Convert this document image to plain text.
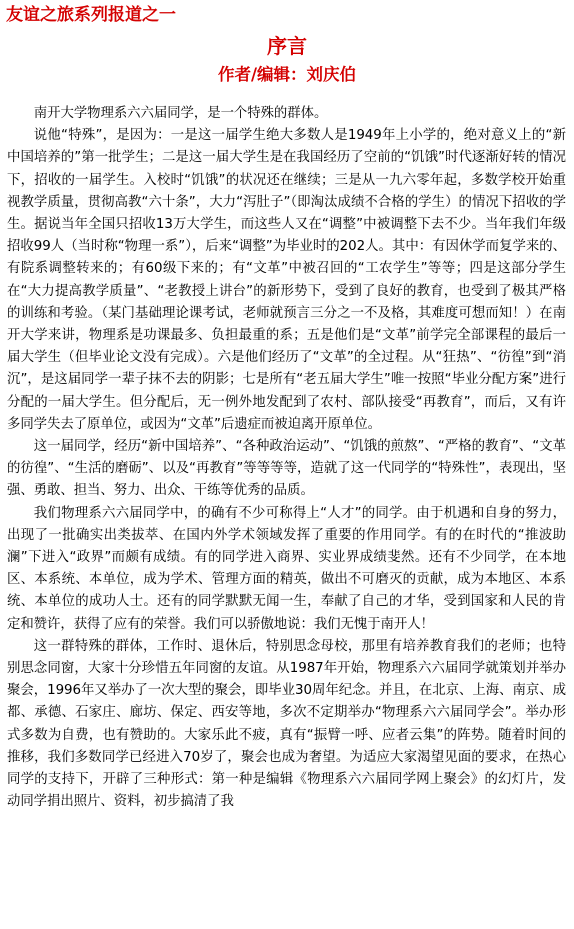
友谊之旅系列报道之一
序言
作者/编辑：刘庆伯

南开大学物理系六六届同学，是一个特殊的群体。

说他“特殊”，是因为：一是这一届学生绝大多数人是1949年上小学的，绝对意义上的“新中国培养的”第一批学生；二是这一届大学生是在我国经历了空前的“饥饿”时代逐渐好转的情况下，招收的一届学生。入校时“饥饿”的状况还在继续；三是从一九六零年起，多数学校开始重视教学质量，贯彻高教“六十条”，大力“泻肚子”（即淘汰成绩不合格的学生）的情况下招收的学生。据说当年全国只招收13万大学生，而这些人又在“调整”中被调整下去不少。当年我们年级招收99人（当时称“物理一系”），后来“调整”为毕业时的202人。其中：有因休学而复学来的、有院系调整转来的；有60级下来的；有“文革”中被召回的“工农学生”等等；四是这部分学生在“大力提高教学质量”、“老教授上讲台”的新形势下，受到了良好的教育，也受到了极其严格的训练和考验。（某门基础理论课考试，老师就预言三分之一不及格，其难度可想而知！）在南开大学来讲，物理系是功课最多、负担最重的系；五是他们是“文革”前学完全部课程的最后一届大学生（但毕业论文没有完成）。六是他们经历了“文革”的全过程。从“狂热”、“彷徨”到“消沉”，是这届同学一辈子抹不去的阴影；七是所有“老五届大学生”唯一按照“毕业分配方案”进行分配的一届大学生。但分配后，无一例外地发配到了农村、部队接受“再教育”，而后，又有许多同学失去了原单位，或因为“文革”后遗症而被迫离开原单位。

这一届同学，经历“新中国培养”、“各种政治运动”、“饥饿的煎熬”、“严格的教育”、“文革的彷徨”、“生活的磨砺”、以及“再教育”等等等等，造就了这一代同学的“特殊性”，表现出，坚强、勇敢、担当、努力、出众、干练等优秀的品质。

我们物理系六六届同学中，的确有不少可称得上“人才”的同学。由于机遇和自身的努力，出现了一批确实出类拔萃、在国内外学术领域发挥了重要的作用同学。有的在时代的“推波助澜”下进入“政界”而颇有成绩。有的同学进入商界、实业界成绩斐然。还有不少同学，在本地区、本系统、本单位，成为学术、管理方面的精英，做出不可磨灭的贡献，成为本地区、本系统、本单位的成功人士。还有的同学默默无闻一生，奉献了自己的才华，受到国家和人民的肯定和赞许，获得了应有的荣誉。我们可以骄傲地说：我们无愧于南开人！

这一群特殊的群体，工作时、退休后，特别思念母校，那里有培养教育我们的老师；也特别思念同窗，大家十分珍惜五年同窗的友谊。从1987年开始，物理系六六届同学就策划并举办聚会，1996年又举办了一次大型的聚会，即毕业30周年纪念。并且，在北京、上海、南京、成都、承德、石家庄、廊坊、保定、西安等地，多次不定期举办“物理系六六届同学会”。举办形式多数为自费，也有赞助的。大家乐此不疲，真有“振臂一呼、应者云集”的阵势。随着时间的推移，我们多数同学已经进入70岁了，聚会也成为奢望。为适应大家渴望见面的要求，在热心同学的支持下，开辟了三种形式：第一种是编辑《物理系六六届同学网上聚会》的幻灯片，发动同学捐出照片、资料，初步搞清了我
